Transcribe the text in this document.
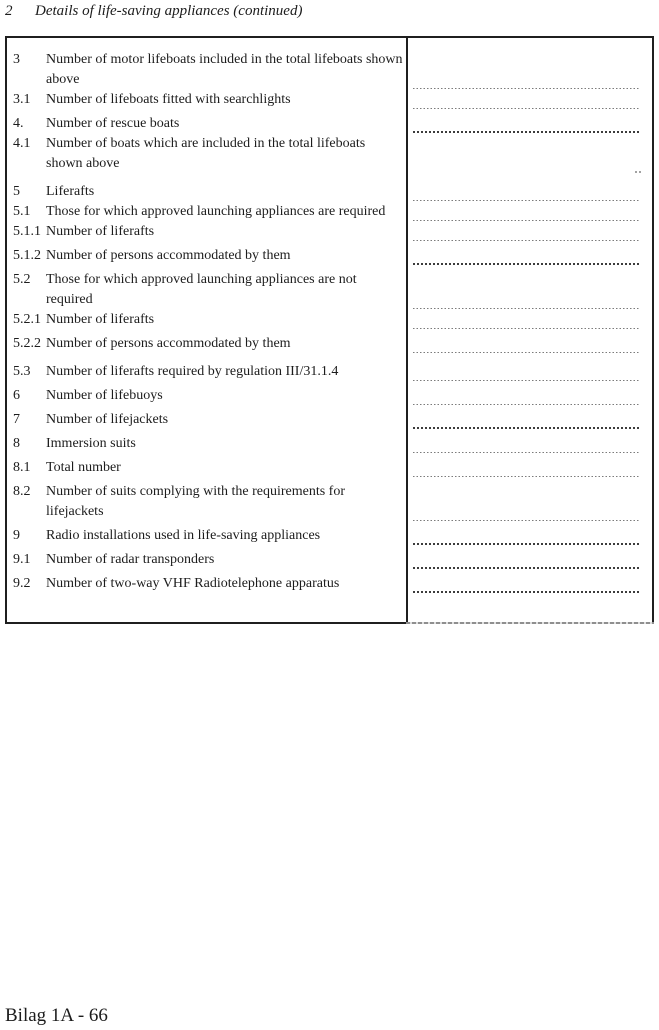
2	Details of life-saving appliances (continued)
3	Number of motor lifeboats included in the total lifeboats shown above
3.1	Number of lifeboats fitted with searchlights
4.	Number of rescue boats
4.1	Number of boats which are included in the total lifeboats shown above
5	Liferafts
5.1	Those for which approved launching appliances are required
5.1.1 Number of liferafts
5.1.2 Number of persons accommodated by them
5.2	Those for which approved launching appliances are not required
5.2.1 Number of liferafts
5.2.2 Number of persons accommodated by them
5.3	Number of liferafts required by regulation III/31.1.4
6	Number of lifebuoys
7	Number of lifejackets
8	Immersion suits
8.1	Total number
8.2	Number of suits complying with the requirements for lifejackets
9	Radio installations used in life-saving appliances
9.1	Number of radar transponders
9.2	Number of two-way VHF Radiotelephone apparatus
Bilag 1A - 66
